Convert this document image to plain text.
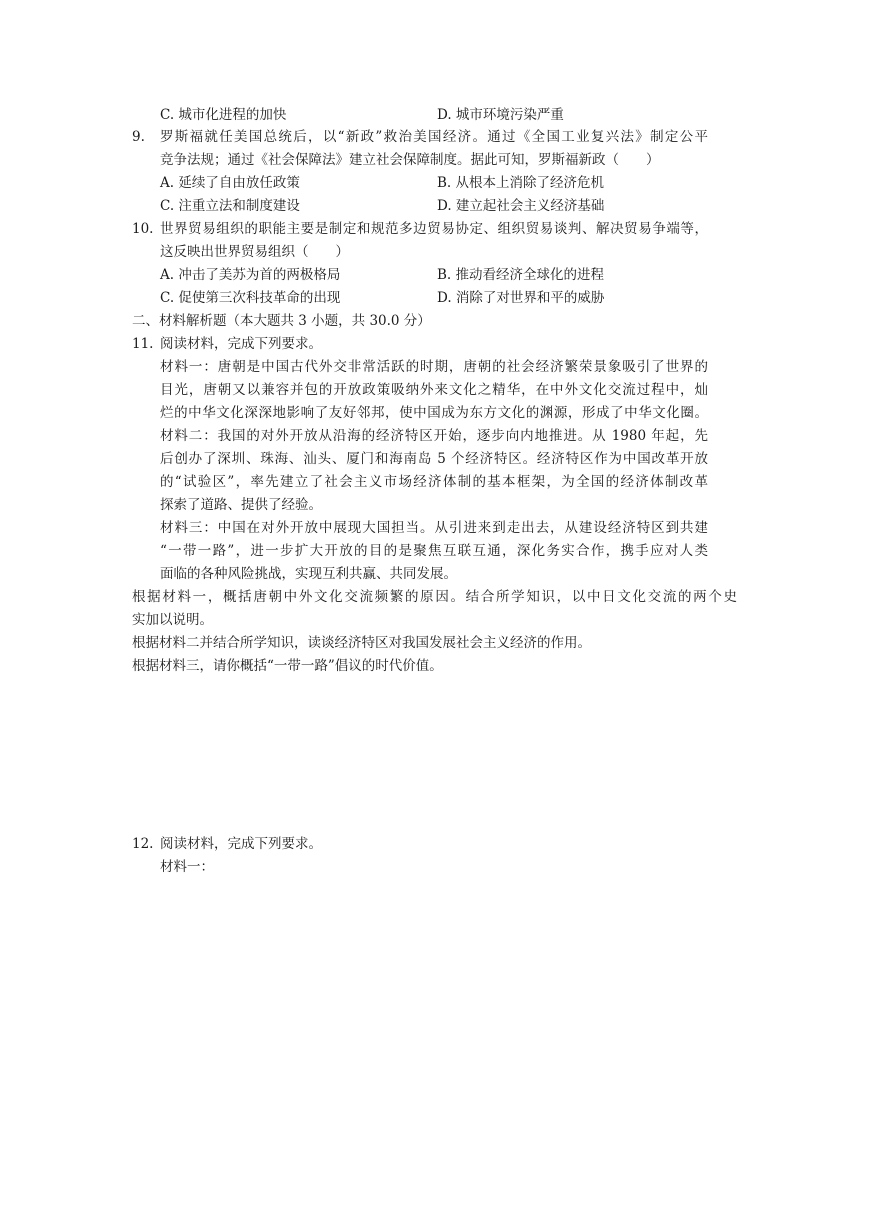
C. 城市化进程的加快	D. 城市环境污染严重
9. 罗斯福就任美国总统后，以“新政”救治美国经济。通过《全国工业复兴法》制定公平
竞争法规；通过《社会保障法》建立社会保障制度。据此可知，罗斯福新政（　　）
A. 延续了自由放任政策	B. 从根本上消除了经济危机
C. 注重立法和制度建设	D. 建立起社会主义经济基础
10. 世界贸易组织的职能主要是制定和规范多边贸易协定、组织贸易谈判、解决贸易争端等，
这反映出世界贸易组织（　　）
A. 冲击了美苏为首的两极格局	B. 推动看经济全球化的进程
C. 促使第三次科技革命的出现	D. 消除了对世界和平的威胁
二、材料解析题（本大题共 3 小题，共 30.0 分）
11. 阅读材料，完成下列要求。
材料一：唐朝是中国古代外交非常活跃的时期，唐朝的社会经济繁荣景象吸引了世界的
目光，唐朝又以兼容并包的开放政策吸纳外来文化之精华，在中外文化交流过程中，灿
烂的中华文化深深地影响了友好邻邦，使中国成为东方文化的渊源，形成了中华文化圈。
材料二：我国的对外开放从沿海的经济特区开始，逐步向内地推进。从 1980 年起，先
后创办了深圳、珠海、汕头、厦门和海南岛 5 个经济特区。经济特区作为中国改革开放
的“试验区”，率先建立了社会主义市场经济体制的基本框架，为全国的经济体制改革
探索了道路、提供了经验。
材料三：中国在对外开放中展现大国担当。从引进来到走出去，从建设经济特区到共建
“一带一路”，进一步扩大开放的目的是聚焦互联互通，深化务实合作，携手应对人类
面临的各种风险挑战，实现互利共赢、共同发展。
根据材料一，概括唐朝中外文化交流频繁的原因。结合所学知识，以中日文化交流的两个史
实加以说明。
根据材料二并结合所学知识，读谈经济特区对我国发展社会主义经济的作用。
根据材料三，请你概括“一带一路”倡议的时代价值。
12. 阅读材料，完成下列要求。
材料一：
